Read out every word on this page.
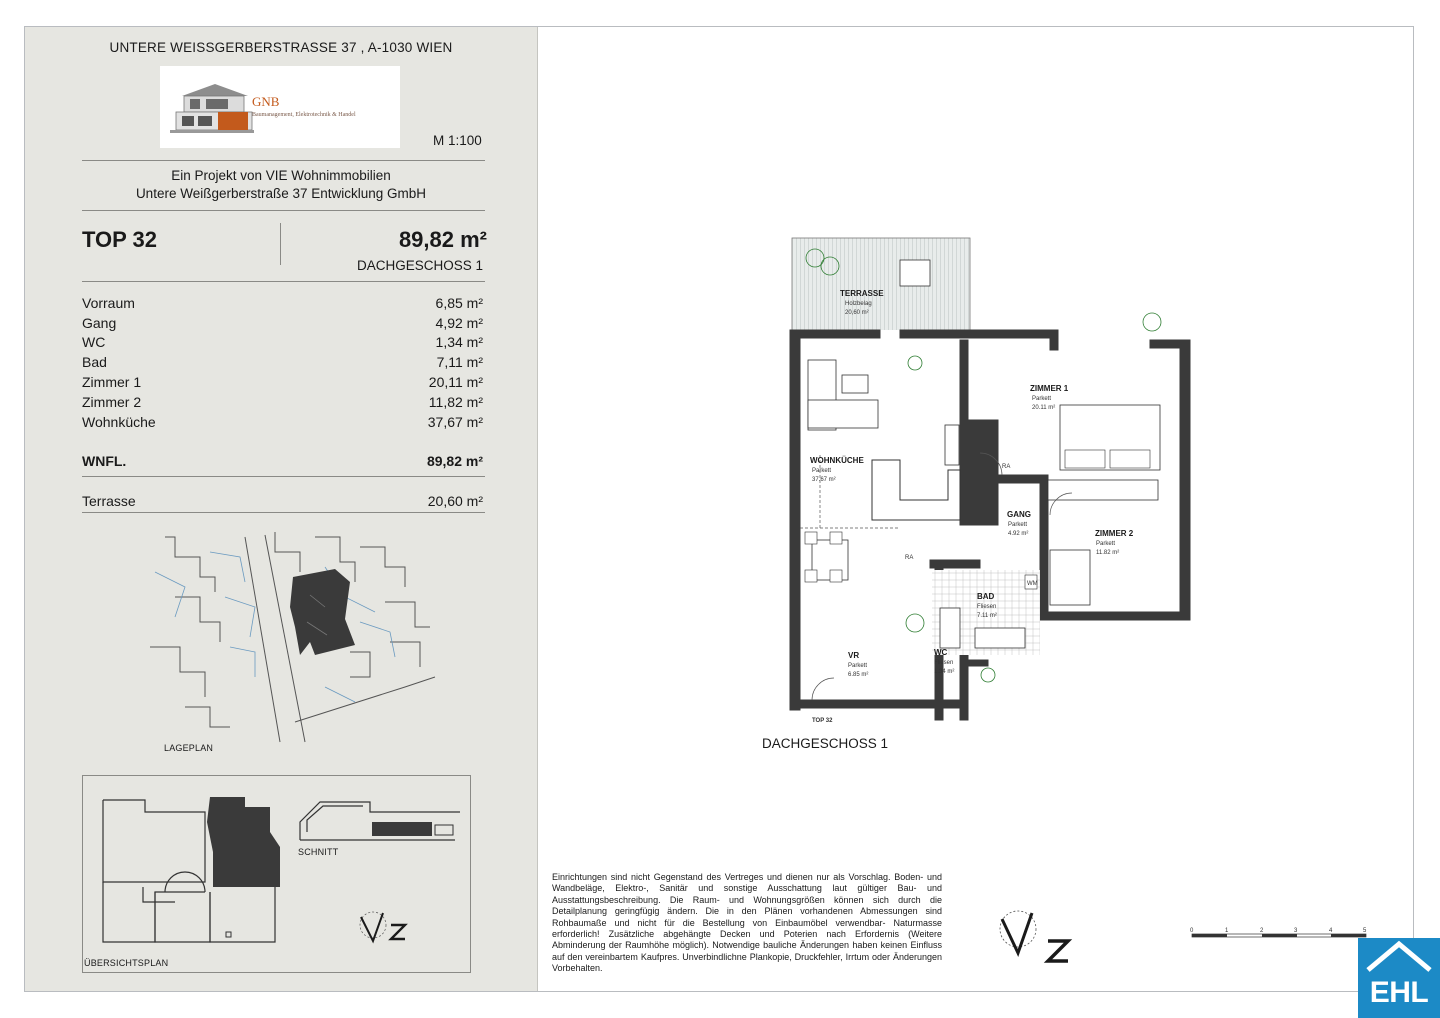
UNTERE WEISSGERBERSTRASSE 37 , A-1030 WIEN
GNB
Baumanagement, Elektrotechnik & Handel
M 1:100
Ein Projekt von VIE Wohnimmobilien
Untere Weißgerberstraße 37 Entwicklung GmbH
TOP 32	89,82 m²
DACHGESCHOSS 1
Vorraum	6,85 m²
Gang	4,92 m²
WC	1,34 m²
Bad	7,11 m²
Zimmer 1	20,11 m²
Zimmer 2	11,82 m²
Wohnküche	37,67 m²
WNFL.	89,82 m²
Terrasse	20,60 m²
LAGEPLAN
SCHNITT
ÜBERSICHTSPLAN
TERRASSE
Holzbelag
20,60 m²
ZIMMER 1
Parkett
20.11 m²
WOHNKÜCHE
Parkett
37.67 m²
GANG
Parkett
4.92 m²	ZIMMER 2
Parkett
11.82 m²
BAD
Fliesen
7.11 m²
VR
Parkett
6.85 m²
WC
Fliesen
1.34 m²
RA
RA
WM
TOP 32
DACHGESCHOSS 1
Einrichtungen sind nicht Gegenstand des Vertreges und dienen nur als Vorschlag. Boden- und Wandbeläge, Elektro-, Sanitär und sonstige Ausschattung laut gültiger Bau- und Ausstattungsbeschreibung. Die Raum- und Wohnungsgrößen können sich durch die Detailplanung geringfügig ändern. Die in den Plänen vorhandenen Abmessungen sind Rohbaumaße und nicht für die Bestellung von Einbaumöbel verwendbar- Naturmasse erforderlich! Zusätzliche abgehängte Decken und Poterien nach Erfordernis (Weitere Abminderung der Raumhöhe möglich). Notwendige bauliche Änderungen haben keinen Einfluss auf den vereinbartem Kaufpres. Unverbindlichne Plankopie, Druckfehler, Irrtum oder Änderungen Vorbehalten.
0	1	2	3	4	5
EHL
